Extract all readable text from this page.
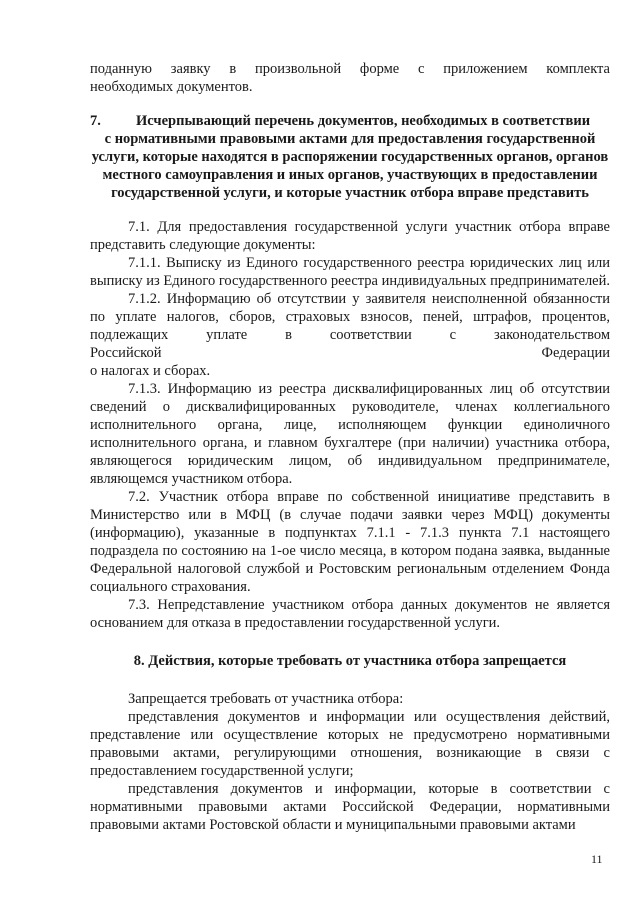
поданную заявку в произвольной форме с приложением комплекта

необходимых документов.

7. Исчерпывающий перечень документов, необходимых в соответствии
с нормативными правовыми актами для предоставления государственной услуги, которые находятся в распоряжении государственных органов, органов местного самоуправления и иных органов, участвующих в предоставлении государственной услуги, и которые участник отбора вправе представить

7.1. Для предоставления государственной услуги участник отбора вправе представить следующие документы:

7.1.1. Выписку из Единого государственного реестра юридических лиц или выписку из Единого государственного реестра индивидуальных предпринимателей.

7.1.2. Информацию об отсутствии у заявителя неисполненной обязанности по уплате налогов, сборов, страховых взносов, пеней, штрафов, процентов, подлежащих уплате в соответствии с законодательством

Российской	Федерации

о налогах и сборах.

7.1.3. Информацию из реестра дисквалифицированных лиц об отсутствии сведений о дисквалифицированных руководителе, членах коллегиального исполнительного органа, лице, исполняющем функции единоличного исполнительного органа, и главном бухгалтере (при наличии) участника отбора, являющегося юридическим лицом, об индивидуальном предпринимателе, являющемся участником отбора.

7.2. Участник отбора вправе по собственной инициативе представить в Министерство или в МФЦ (в случае подачи заявки через МФЦ) документы (информацию), указанные в подпунктах 7.1.1 - 7.1.3 пункта 7.1 настоящего подраздела по состоянию на 1-ое число месяца, в котором подана заявка, выданные Федеральной налоговой службой и Ростовским региональным отделением Фонда социального страхования.

7.3. Непредставление участником отбора данных документов не является основанием для отказа в предоставлении государственной услуги.

8. Действия, которые требовать от участника отбора запрещается

Запрещается требовать от участника отбора:

представления документов и информации или осуществления действий, представление или осуществление которых не предусмотрено нормативными правовыми актами, регулирующими отношения, возникающие в связи с предоставлением государственной услуги;

представления документов и информации, которые в соответствии с нормативными правовыми актами Российской Федерации, нормативными правовыми актами Ростовской области и муниципальными правовыми актами

11
